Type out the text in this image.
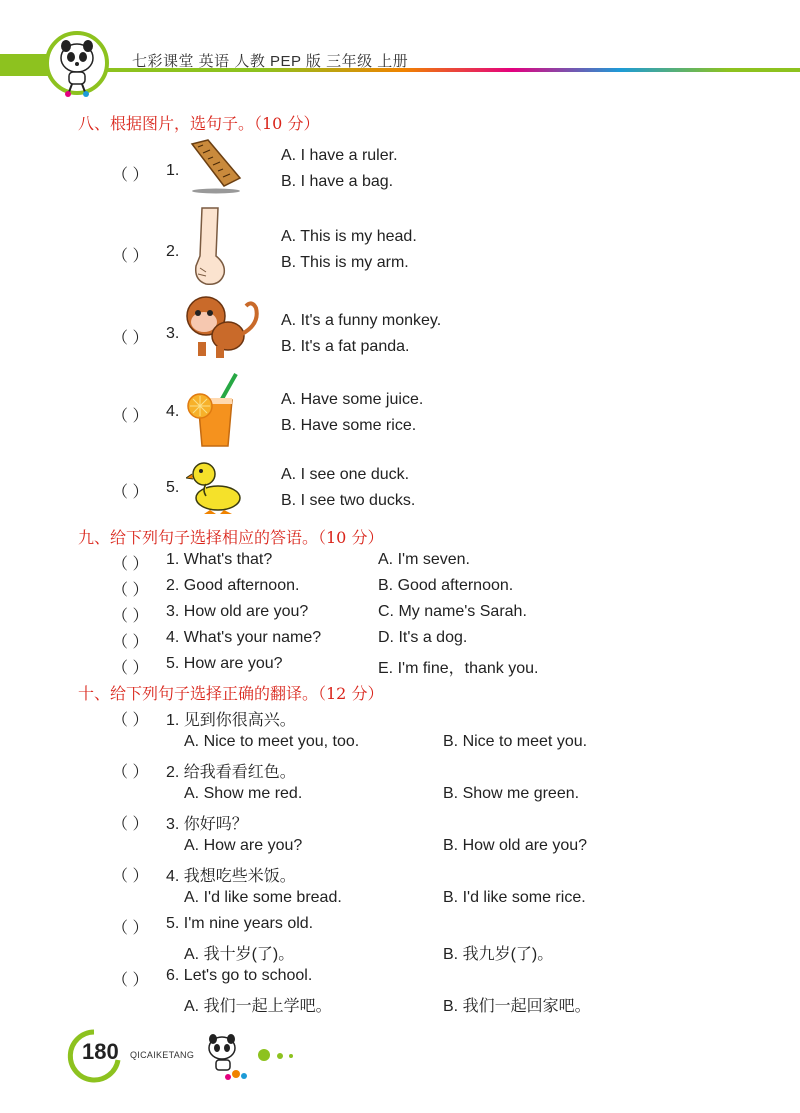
七彩课堂 英语 人教 PEP 版 三年级 上册
八、根据图片，选句子。（10 分）
（ ） 1.
A. I have a ruler.
B. I have a bag.
（ ） 2.
A. This is my head.
B. This is my arm.
（ ） 3.
A. It's a funny monkey.
B. It's a fat panda.
（ ） 4.
A. Have some juice.
B. Have some rice.
（ ） 5.
A. I see one duck.
B. I see two ducks.
九、给下列句子选择相应的答语。（10 分）
（ ） 1. What's that?	A. I'm seven.
（ ） 2. Good afternoon.	B. Good afternoon.
（ ） 3. How old are you?	C. My name's Sarah.
（ ） 4. What's your name?	D. It's a dog.
（ ） 5. How are you?	E. I'm fine，thank you.
十、给下列句子选择正确的翻译。（12 分）
（ ） 1. 见到你很高兴。
A. Nice to meet you, too.	B. Nice to meet you.
（ ） 2. 给我看看红色。
A. Show me red.	B. Show me green.
（ ） 3. 你好吗？
A. How are you?	B. How old are you?
（ ） 4. 我想吃些米饭。
A. I'd like some bread.	B. I'd like some rice.
（ ） 5. I'm nine years old.
A. 我十岁(了)。	B. 我九岁(了)。
（ ） 6. Let's go to school.
A. 我们一起上学吧。	B. 我们一起回家吧。
180 QICAIKETANG
